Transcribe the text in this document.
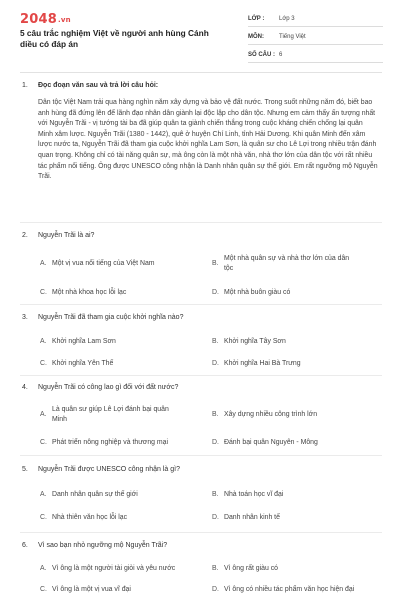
2048.vn
5 câu trắc nghiệm Việt về người anh hùng Cánh diều có đáp án
LỚP :	Lớp 3
MÔN:	Tiếng Việt
SỐ CÂU : 6
1. Đọc đoạn văn sau và trả lời câu hỏi:
Dân tộc Việt Nam trải qua hàng nghìn năm xây dựng và bảo vệ đất nước. Trong suốt những năm đó, biết bao anh hùng đã đứng lên để lãnh đạo nhân dân giành lại độc lập cho dân tộc. Nhưng em cảm thấy ấn tượng nhất với Nguyễn Trãi - vị tướng tài ba đã giúp quân ta giành chiến thắng trong cuộc kháng chiến chống lại quân Minh xâm lược. Nguyễn Trãi (1380 - 1442), quê ở huyện Chí Linh, tỉnh Hải Dương. Khi quân Minh đến xâm lược nước ta, Nguyễn Trãi đã tham gia cuộc khởi nghĩa Lam Sơn, là quân sư cho Lê Lợi trong nhiều trận đánh quan trọng. Không chỉ có tài năng quân sự, mà ông còn là một nhà văn, nhà thơ lớn của dân tộc với rất nhiều tác phẩm nổi tiếng. Ông được UNESCO công nhận là Danh nhân quân sự thế giới. Em rất ngưỡng mộ Nguyễn Trãi.
2. Nguyễn Trãi là ai?
A. Một vị vua nổi tiếng của Việt Nam	B.
Một nhà quân sự và nhà thơ lớn của dân tộc
C. Một nhà khoa học lỗi lạc	D. Một nhà buôn giàu có
3. Nguyễn Trãi đã tham gia cuộc khởi nghĩa nào?
A. Khởi nghĩa Lam Sơn	B. Khởi nghĩa Tây Sơn
C. Khởi nghĩa Yên Thế	D. Khởi nghĩa Hai Bà Trưng
4. Nguyễn Trãi có công lao gì đối với đất nước?
A.
Là quân sư giúp Lê Lợi đánh bại quân Minh
B. Xây dựng nhiều công trình lớn
C. Phát triển nông nghiệp và thương mại	D. Đánh bại quân Nguyên - Mông
5. Nguyễn Trãi được UNESCO công nhận là gì?
A. Danh nhân quân sự thế giới	B. Nhà toán học vĩ đại
C. Nhà thiên văn học lỗi lạc	D. Danh nhân kinh tế
6. Vì sao bạn nhỏ ngưỡng mộ Nguyễn Trãi?
A. Vì ông là một người tài giỏi và yêu nước	B. Vì ông rất giàu có
C. Vì ông là một vị vua vĩ đại	D. Vì ông có nhiều tác phẩm văn học hiện đại
